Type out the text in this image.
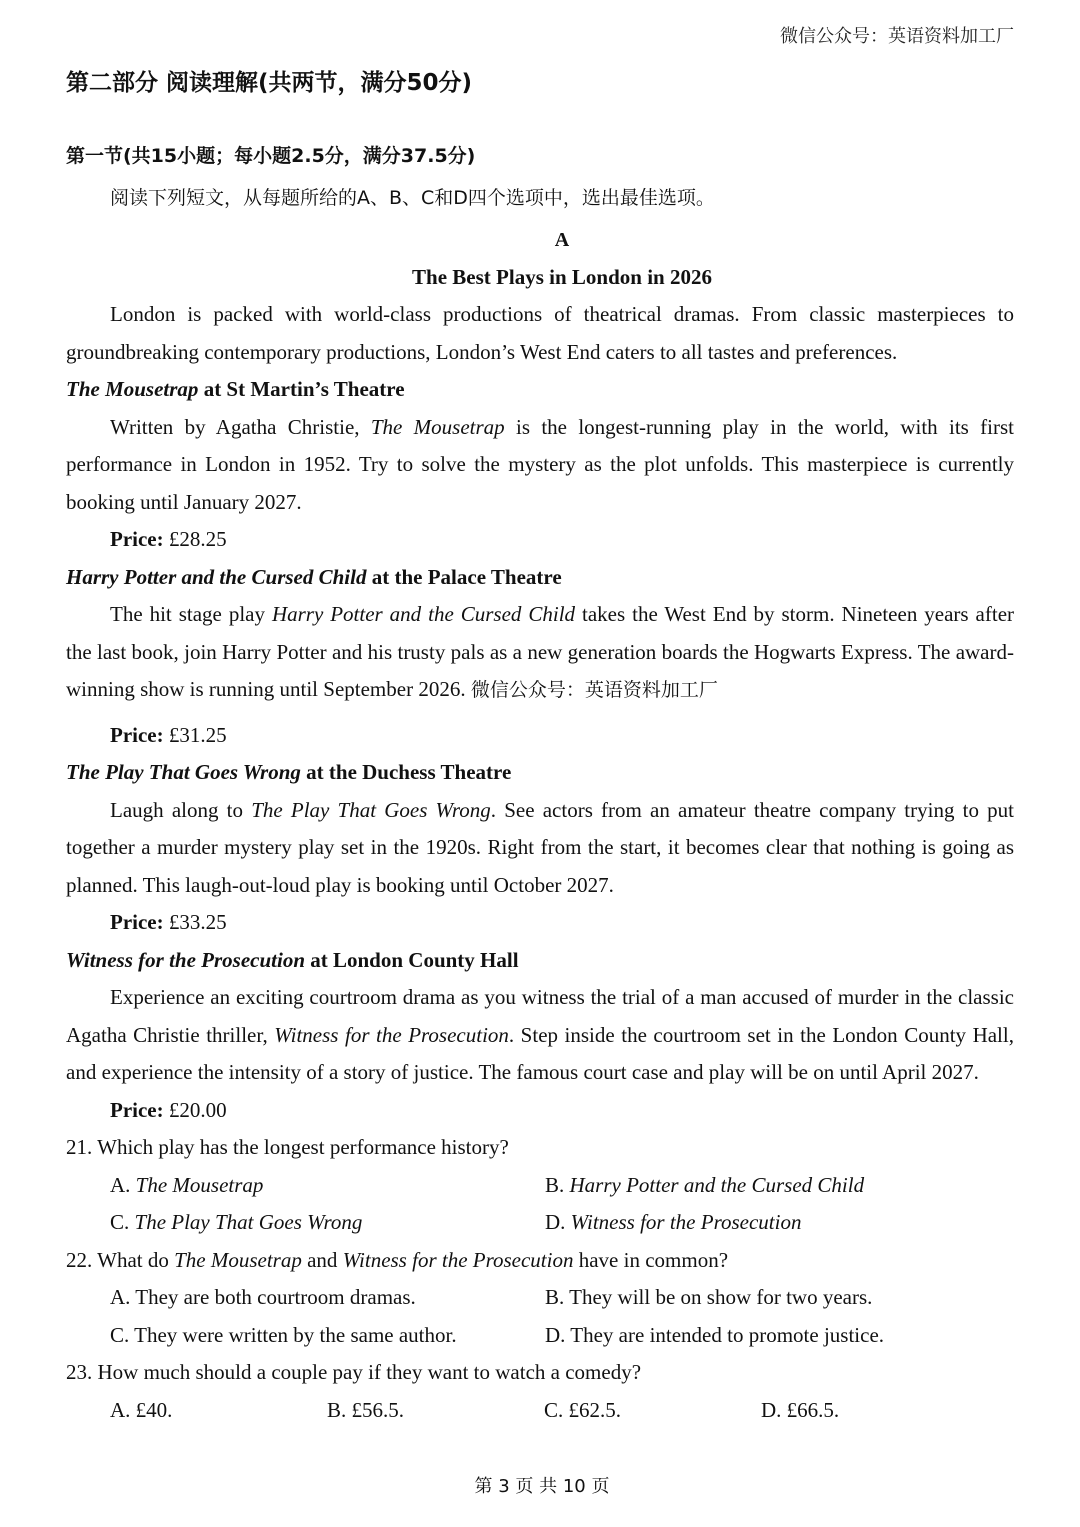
微信公众号：英语资料加工厂
第二部分 阅读理解(共两节，满分50分)
第一节(共15小题；每小题2.5分，满分37.5分)
阅读下列短文，从每题所给的A、B、C和D四个选项中，选出最佳选项。
A
The Best Plays in London in 2026

London is packed with world-class productions of theatrical dramas. From classic masterpieces to groundbreaking contemporary productions, London’s West End caters to all tastes and preferences.

The Mousetrap at St Martin’s Theatre

Written by Agatha Christie, The Mousetrap is the longest-running play in the world, with its first performance in London in 1952. Try to solve the mystery as the plot unfolds. This masterpiece is currently booking until January 2027.

Price: £28.25

Harry Potter and the Cursed Child at the Palace Theatre

The hit stage play Harry Potter and the Cursed Child takes the West End by storm. Nineteen years after the last book, join Harry Potter and his trusty pals as a new generation boards the Hogwarts Express. The award-winning show is running until September 2026. 微信公众号：英语资料加工厂

Price: £31.25

The Play That Goes Wrong at the Duchess Theatre

Laugh along to The Play That Goes Wrong. See actors from an amateur theatre company trying to put together a murder mystery play set in the 1920s. Right from the start, it becomes clear that nothing is going as planned. This laugh-out-loud play is booking until October 2027.

Price: £33.25

Witness for the Prosecution at London County Hall

Experience an exciting courtroom drama as you witness the trial of a man accused of murder in the classic Agatha Christie thriller, Witness for the Prosecution. Step inside the courtroom set in the London County Hall, and experience the intensity of a story of justice. The famous court case and play will be on until April 2027.

Price: £20.00

21. Which play has the longest performance history?

A. The Mousetrap	B. Harry Potter and the Cursed Child
C. The Play That Goes Wrong	D. Witness for the Prosecution

22. What do The Mousetrap and Witness for the Prosecution have in common?

A. They are both courtroom dramas.	B. They will be on show for two years.
C. They were written by the same author.	D. They are intended to promote justice.

23. How much should a couple pay if they want to watch a comedy?

A. £40.	B. £56.5.	C. £62.5.	D. £66.5.
第 3 页 共 10 页
